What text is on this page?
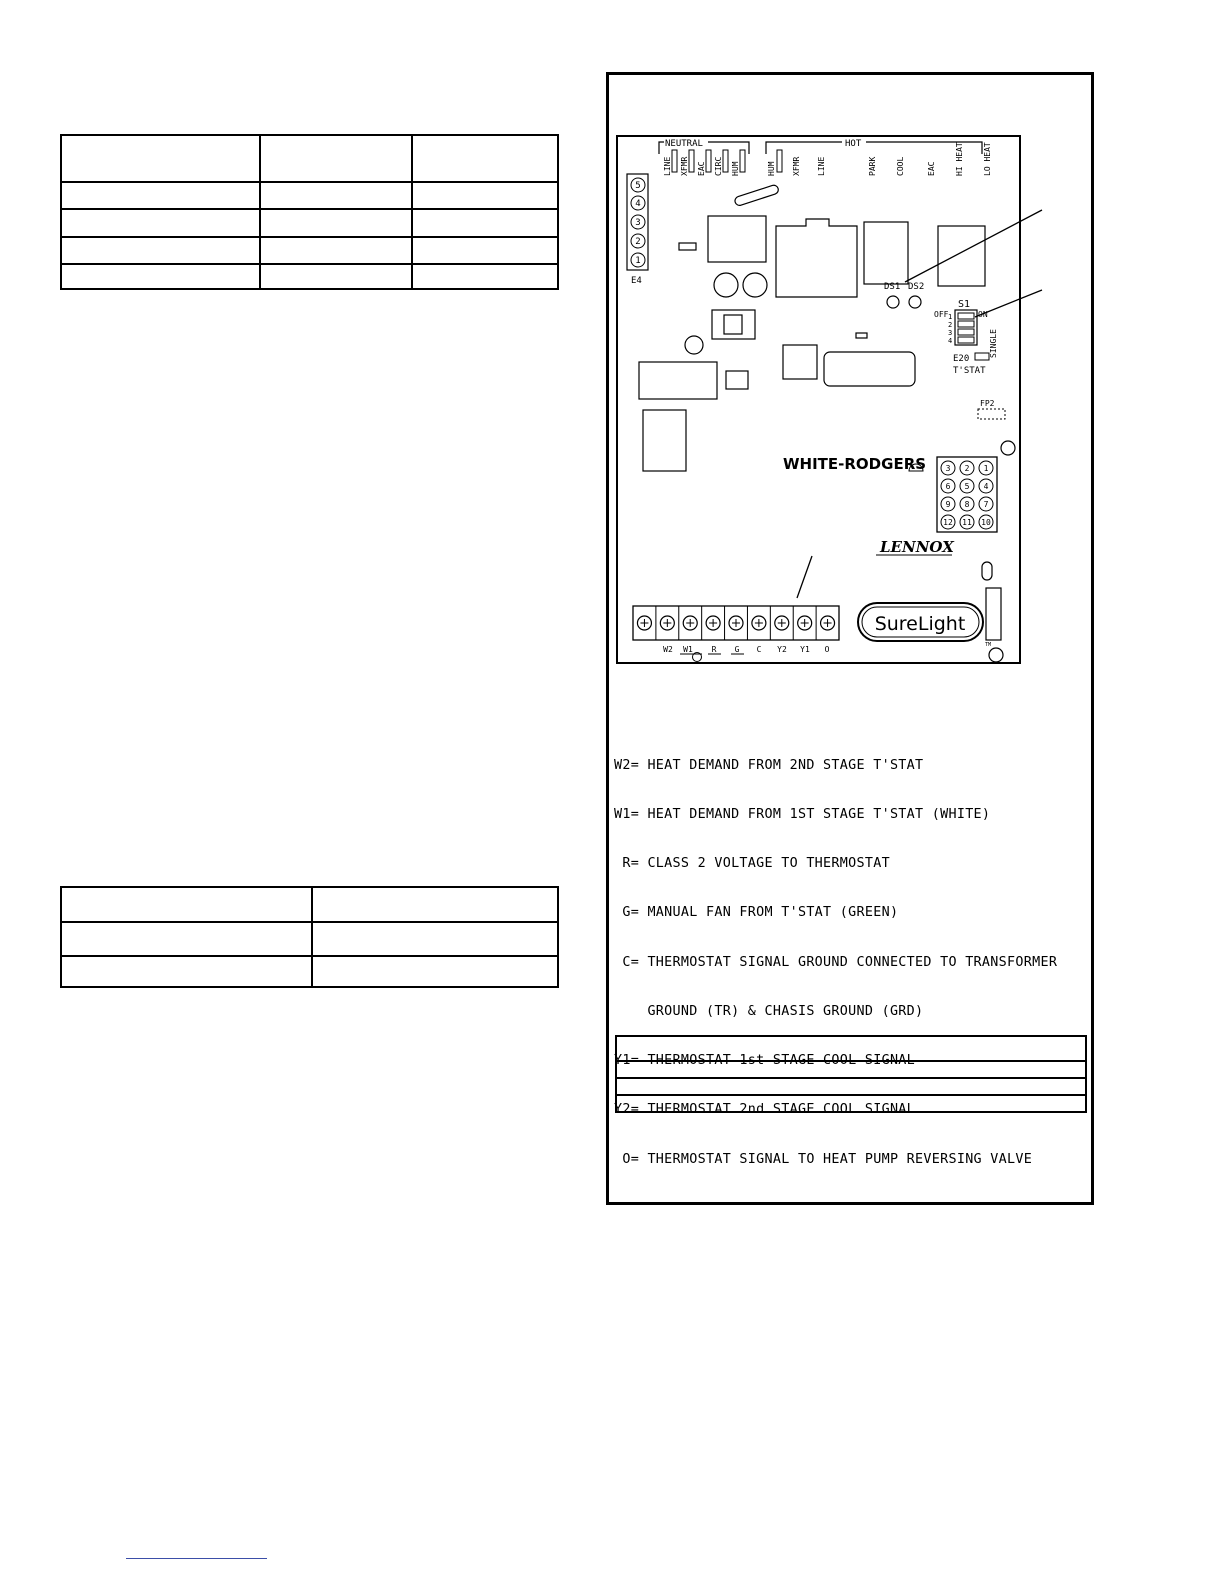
NEUTRAL	HOT
LINE XFMR EAC CIRC HUM	HUM XFMR LINE	PARK COOL	EAC HI HEAT LO HEAT
5
4
3
2
1
E4
DS1 DS2
S1
OFF	ON
1
2
3
4	SINGLE
E20
T'STAT
FP2
WHITE-RODGERS 3 2 1
6 5 4
9 8 7
12 11 10
LENNOX
SureLight
TM
W2 W1 R G C Y2 Y1 O

W2= HEAT DEMAND FROM 2ND STAGE T'STAT

W1= HEAT DEMAND FROM 1ST STAGE T'STAT (WHITE)

R= CLASS 2 VOLTAGE TO THERMOSTAT

G= MANUAL FAN FROM T'STAT (GREEN)

C= THERMOSTAT SIGNAL GROUND CONNECTED TO TRANSFORMER

GROUND (TR) & CHASIS GROUND (GRD)

Y1= THERMOSTAT 1st STAGE COOL SIGNAL

Y2= THERMOSTAT 2nd STAGE COOL SIGNAL

O= THERMOSTAT SIGNAL TO HEAT PUMP REVERSING VALVE
